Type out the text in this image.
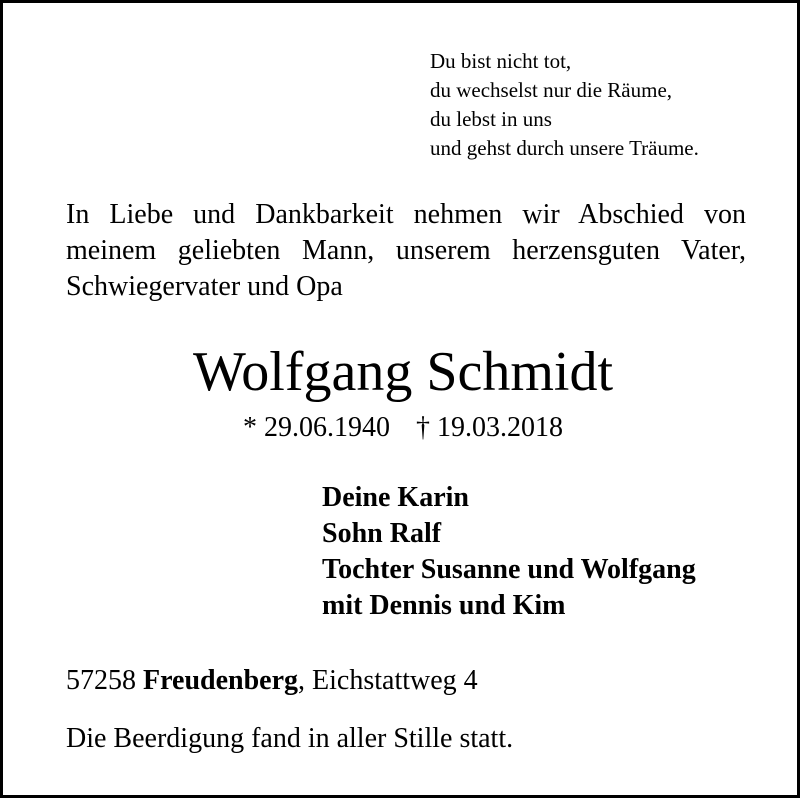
Du bist nicht tot,
du wechselst nur die Räume,
du lebst in uns
und gehst durch unsere Träume.
In Liebe und Dankbarkeit nehmen wir Abschied von
meinem geliebten Mann, unserem herzensguten Vater,
Schwiegervater und Opa
Wolfgang Schmidt
* 29.06.1940 † 19.03.2018
Deine Karin
Sohn Ralf
Tochter Susanne und Wolfgang
mit Dennis und Kim
57258 Freudenberg, Eichstattweg 4
Die Beerdigung fand in aller Stille statt.
